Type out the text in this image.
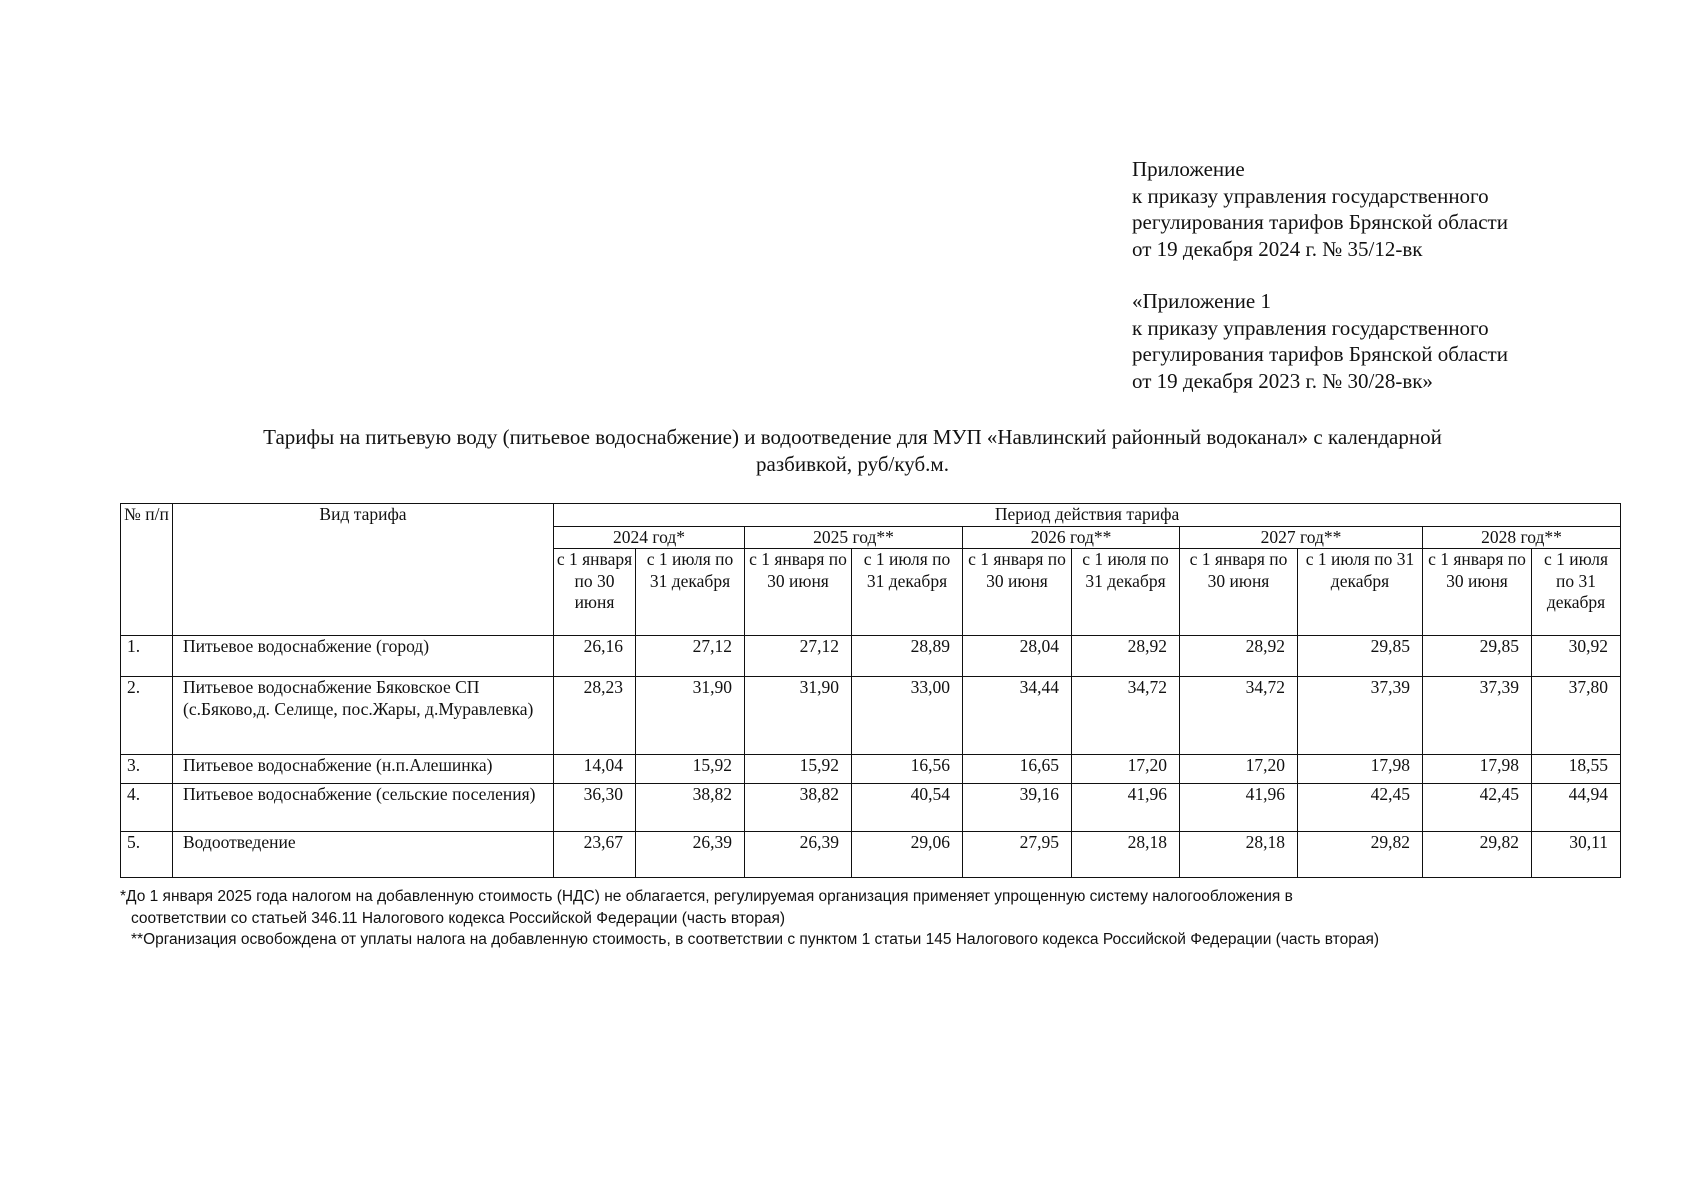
Приложение
к приказу управления государственного
регулирования тарифов Брянской области
от 19 декабря 2024 г. № 35/12-вк
«Приложение 1
к приказу управления государственного
регулирования тарифов Брянской области
от 19 декабря 2023 г. № 30/28-вк»
Тарифы на питьевую воду (питьевое водоснабжение) и водоотведение для МУП «Навлинский районный водоканал» с календарной
разбивкой, руб/куб.м.
№ п/п	Вид тарифа	Период действия тарифа									
		2024 год*		2025 год**		2026 год**		2027 год**		2028 год**	
		с 1 января по 30 июня	с 1 июля по 31 декабря	с 1 января по 30 июня	с 1 июля по 31 декабря	с 1 января по 30 июня	с 1 июля по 31 декабря	с 1 января по 30 июня	с 1 июля по 31 декабря	с 1 января по 30 июня	с 1 июля по 31 декабря
1.	Питьевое водоснабжение (город)	26,16	27,12	27,12	28,89	28,04	28,92	28,92	29,85	29,85	30,92
2.	Питьевое водоснабжение Бяковское СП (с.Бяково,д. Селище, пос.Жары, д.Муравлевка)	28,23	31,90	31,90	33,00	34,44	34,72	34,72	37,39	37,39	37,80
3.	Питьевое водоснабжение (н.п.Алешинка)	14,04	15,92	15,92	16,56	16,65	17,20	17,20	17,98	17,98	18,55
4.	Питьевое водоснабжение (сельские поселения)	36,30	38,82	38,82	40,54	39,16	41,96	41,96	42,45	42,45	44,94
5.	Водоотведение	23,67	26,39	26,39	29,06	27,95	28,18	28,18	29,82	29,82	30,11
*До 1 января 2025 года налогом на добавленную стоимость (НДС) не облагается, регулируемая организация применяет упрощенную систему налогообложения в
соответствии со статьей 346.11 Налогового кодекса Российской Федерации (часть вторая)
**Организация освобождена от уплаты налога на добавленную стоимость, в соответствии с пунктом 1 статьи 145 Налогового кодекса Российской Федерации (часть вторая)
